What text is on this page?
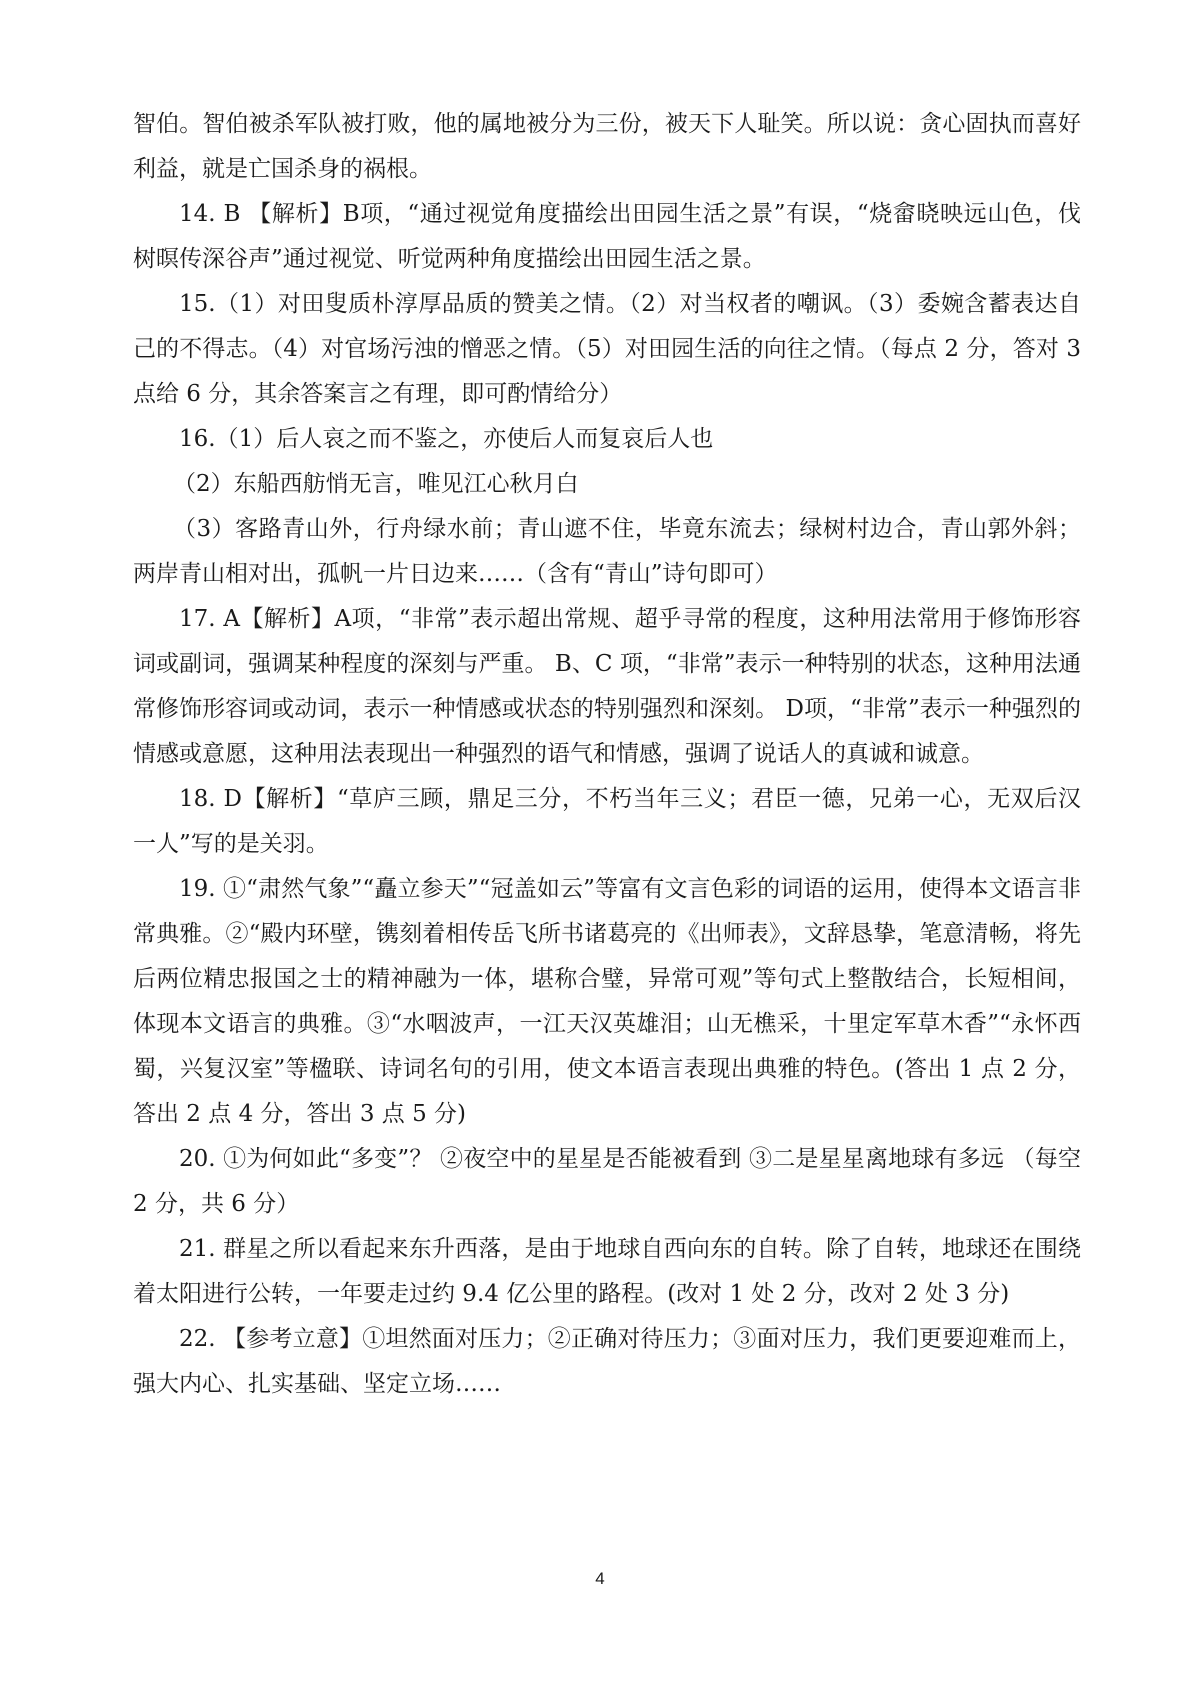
智伯。智伯被杀军队被打败，他的属地被分为三份，被天下人耻笑。所以说：贪心固执而喜好利益，就是亡国杀身的祸根。

14. B 【解析】B项，“通过视觉角度描绘出田园生活之景”有误，“烧畲晓映远山色，伐树暝传深谷声”通过视觉、听觉两种角度描绘出田园生活之景。

15.（1）对田叟质朴淳厚品质的赞美之情。（2）对当权者的嘲讽。（3）委婉含蓄表达自己的不得志。（4）对官场污浊的憎恶之情。（5）对田园生活的向往之情。（每点 2 分，答对 3 点给 6 分，其余答案言之有理，即可酌情给分）

16.（1）后人哀之而不鉴之，亦使后人而复哀后人也

（2）东船西舫悄无言，唯见江心秋月白

（3）客路青山外，行舟绿水前；青山遮不住，毕竟东流去；绿树村边合，青山郭外斜； 两岸青山相对出，孤帆一片日边来……（含有“青山”诗句即可）

17. A【解析】A项，“非常”表示超出常规、超乎寻常的程度，这种用法常用于修饰形容词或副词，强调某种程度的深刻与严重。 B、C 项，“非常”表示一种特别的状态，这种用法通常修饰形容词或动词，表示一种情感或状态的特别强烈和深刻。 D项，“非常”表示一种强烈的情感或意愿，这种用法表现出一种强烈的语气和情感，强调了说话人的真诚和诚意。

18. D【解析】“草庐三顾，鼎足三分，不朽当年三义；君臣一德，兄弟一心，无双后汉一人”写的是关羽。

19. ①“肃然气象”“矗立参天”“冠盖如云”等富有文言色彩的词语的运用，使得本文语言非常典雅。②“殿内环壁，镌刻着相传岳飞所书诸葛亮的《出师表》，文辞恳挚，笔意清畅，将先后两位精忠报国之士的精神融为一体，堪称合璧，异常可观”等句式上整散结合，长短相间，体现本文语言的典雅。③“水咽波声，一江天汉英雄泪；山无樵采，十里定军草木香”“永怀西蜀，兴复汉室”等楹联、诗词名句的引用，使文本语言表现出典雅的特色。(答出 1 点 2 分，答出 2 点 4 分，答出 3 点 5 分)

20. ①为何如此“多变”？ ②夜空中的星星是否能被看到 ③二是星星离地球有多远 （每空 2 分，共 6 分）

21. 群星之所以看起来东升西落，是由于地球自西向东的自转。除了自转，地球还在围绕着太阳进行公转，一年要走过约 9.4 亿公里的路程。(改对 1 处 2 分，改对 2 处 3 分)

22. 【参考立意】①坦然面对压力；②正确对待压力；③面对压力，我们更要迎难而上，强大内心、扎实基础、坚定立场……

4
